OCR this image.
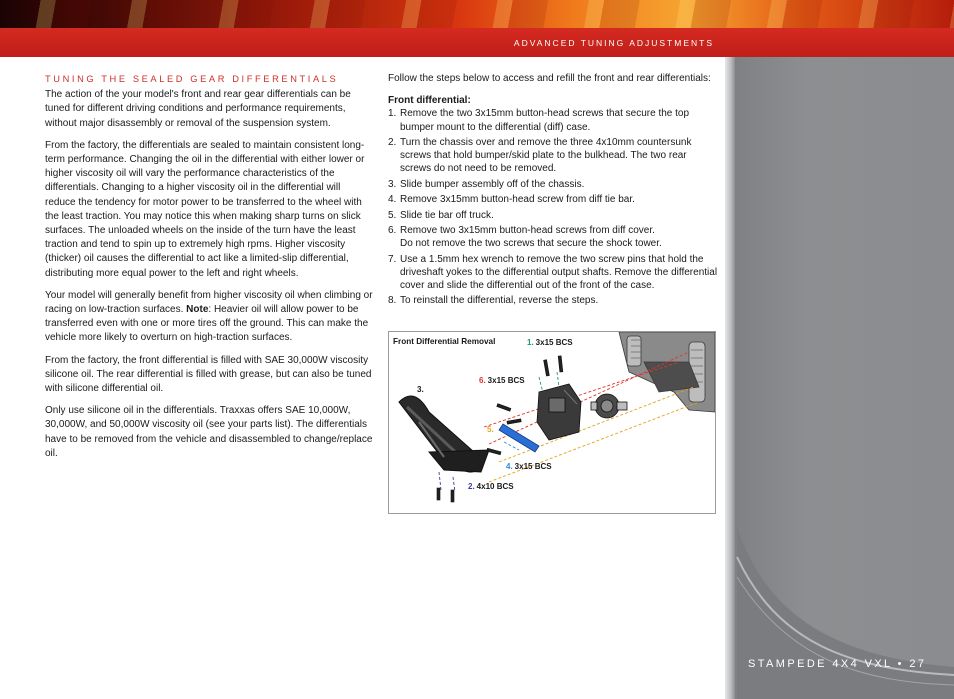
ADVANCED TUNING ADJUSTMENTS
STAMPEDE 4X4 VXL • 27
TUNING THE SEALED GEAR DIFFERENTIALS

The action of the your model's front and rear gear differentials can be tuned for different driving conditions and performance requirements, without major disassembly or removal of the suspension system.

From the factory, the differentials are sealed to maintain consistent long-term performance. Changing the oil in the differential with either lower or higher viscosity oil will vary the performance characteristics of the differentials. Changing to a higher viscosity oil in the differential will reduce the tendency for motor power to be transferred to the wheel with the least traction. You may notice this when making sharp turns on slick surfaces. The unloaded wheels on the inside of the turn have the least traction and tend to spin up to extremely high rpms. Higher viscosity (thicker) oil causes the differential to act like a limited-slip differential, distributing more equal power to the left and right wheels.

Your model will generally benefit from higher viscosity oil when climbing or racing on low-traction surfaces. Note: Heavier oil will allow power to be transferred even with one or more tires off the ground. This can make the vehicle more likely to overturn on high-traction surfaces.

From the factory, the front differential is filled with SAE 30,000W viscosity silicone oil. The rear differential is filled with grease, but can also be tuned with silicone differential oil.

Only use silicone oil in the differentials. Traxxas offers SAE 10,000W, 30,000W, and 50,000W viscosity oil (see your parts list). The differentials have to be removed from the vehicle and disassembled to change/replace oil.

Follow the steps below to access and refill the front and rear differentials:

Front differential:

1. Remove the two 3x15mm button-head screws that secure the top bumper mount to the differential (diff) case.
2. Turn the chassis over and remove the three 4x10mm countersunk screws that hold bumper/skid plate to the bulkhead. The two rear screws do not need to be removed.
3. Slide bumper assembly off of the chassis.
4. Remove 3x15mm button-head screw from diff tie bar.
5. Slide tie bar off truck.
6. Remove two 3x15mm button-head screws from diff cover.
Do not remove the two screws that secure the shock tower.
7. Use a 1.5mm hex wrench to remove the two screw pins that hold the driveshaft yokes to the differential output shafts. Remove the differential cover and slide the differential out of the front of the case.
8. To reinstall the differential, reverse the steps.
Front Differential Removal	1. 3x15 BCS
6. 3x15 BCS
3.
5.
4. 3x15 BCS
2. 4x10 BCS
